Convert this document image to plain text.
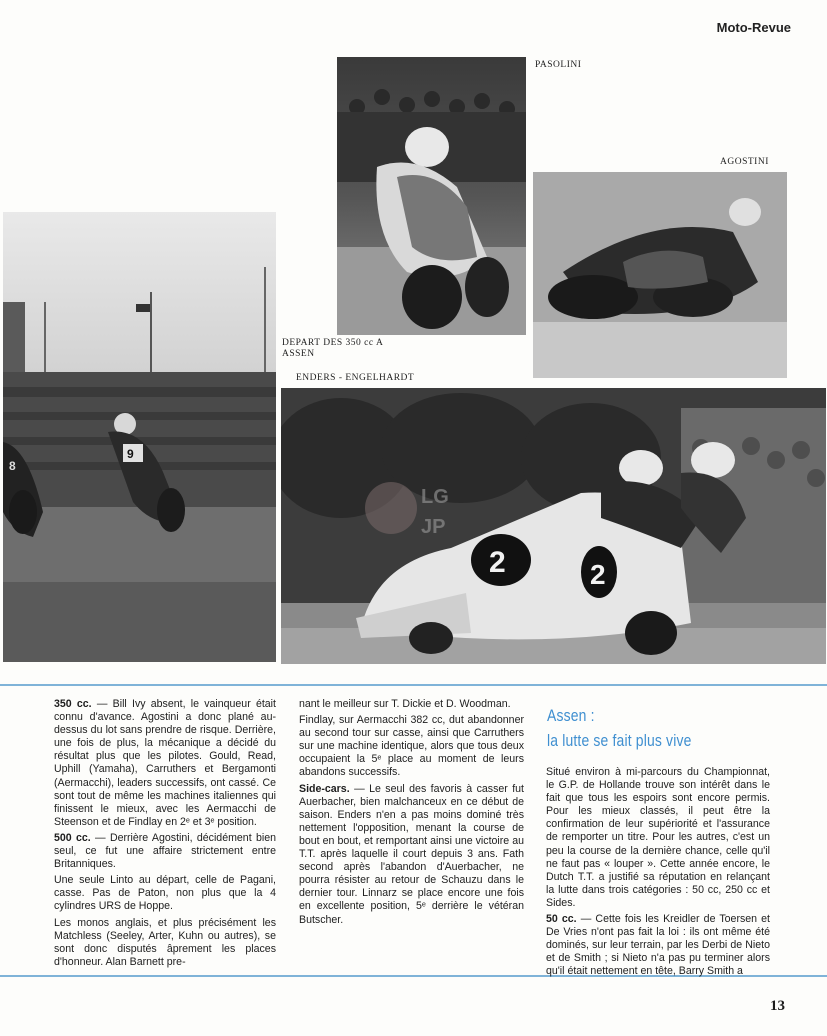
Moto-Revue
PASOLINI
AGOSTINI
8
9
DEPART DES 350 cc A ASSEN
ENDERS - ENGELHARDT
2	2
LG
JP

350 cc. — Bill Ivy absent, le vainqueur était connu d'avance. Agostini a donc plané au-dessus du lot sans prendre de risque. Derrière, une fois de plus, la mécanique a décidé du résultat plus que les pilotes. Gould, Read, Uphill (Yamaha), Carruthers et Bergamonti (Aermacchi), leaders successifs, ont cassé. Ce sont tout de même les machines italiennes qui finissent le mieux, avec les Aermacchi de Steenson et de Findlay en 2ᵉ et 3ᵉ position.

500 cc. — Derrière Agostini, décidément bien seul, ce fut une affaire strictement entre Britanniques.

Une seule Linto au départ, celle de Pagani, casse. Pas de Paton, non plus que la 4 cylindres URS de Hoppe.

Les monos anglais, et plus précisément les Matchless (Seeley, Arter, Kuhn ou autres), se sont donc disputés âprement les places d'honneur. Alan Barnett pre-

nant le meilleur sur T. Dickie et D. Woodman.

Findlay, sur Aermacchi 382 cc, dut abandonner au second tour sur casse, ainsi que Carruthers sur une machine identique, alors que tous deux occupaient la 5ᵉ place au moment de leurs abandons successifs.

Side-cars. — Le seul des favoris à casser fut Auerbacher, bien malchanceux en ce début de saison. Enders n'en a pas moins dominé très nettement l'opposition, menant la course de bout en bout, et remportant ainsi une victoire au T.T. après laquelle il court depuis 3 ans. Fath second après l'abandon d'Auerbacher, ne pourra résister au retour de Schauzu dans le dernier tour. Linnarz se place encore une fois en excellente position, 5ᵉ derrière le vétéran Butscher.

Assen :
la lutte se fait plus vive

Situé environ à mi-parcours du Championnat, le G.P. de Hollande trouve son intérêt dans le fait que tous les espoirs sont encore permis. Pour les mieux classés, il peut être la confirmation de leur supériorité et l'assurance de remporter un titre. Pour les autres, c'est un peu la course de la dernière chance, celle qu'il ne faut pas « louper ». Cette année encore, le Dutch T.T. a justifié sa réputation en relançant la lutte dans trois catégories : 50 cc, 250 cc et Sides.

50 cc. — Cette fois les Kreidler de Toersen et De Vries n'ont pas fait la loi : ils ont même été dominés, sur leur terrain, par les Derbi de Nieto et de Smith ; si Nieto n'a pas pu terminer alors qu'il était nettement en tête, Barry Smith a

13
